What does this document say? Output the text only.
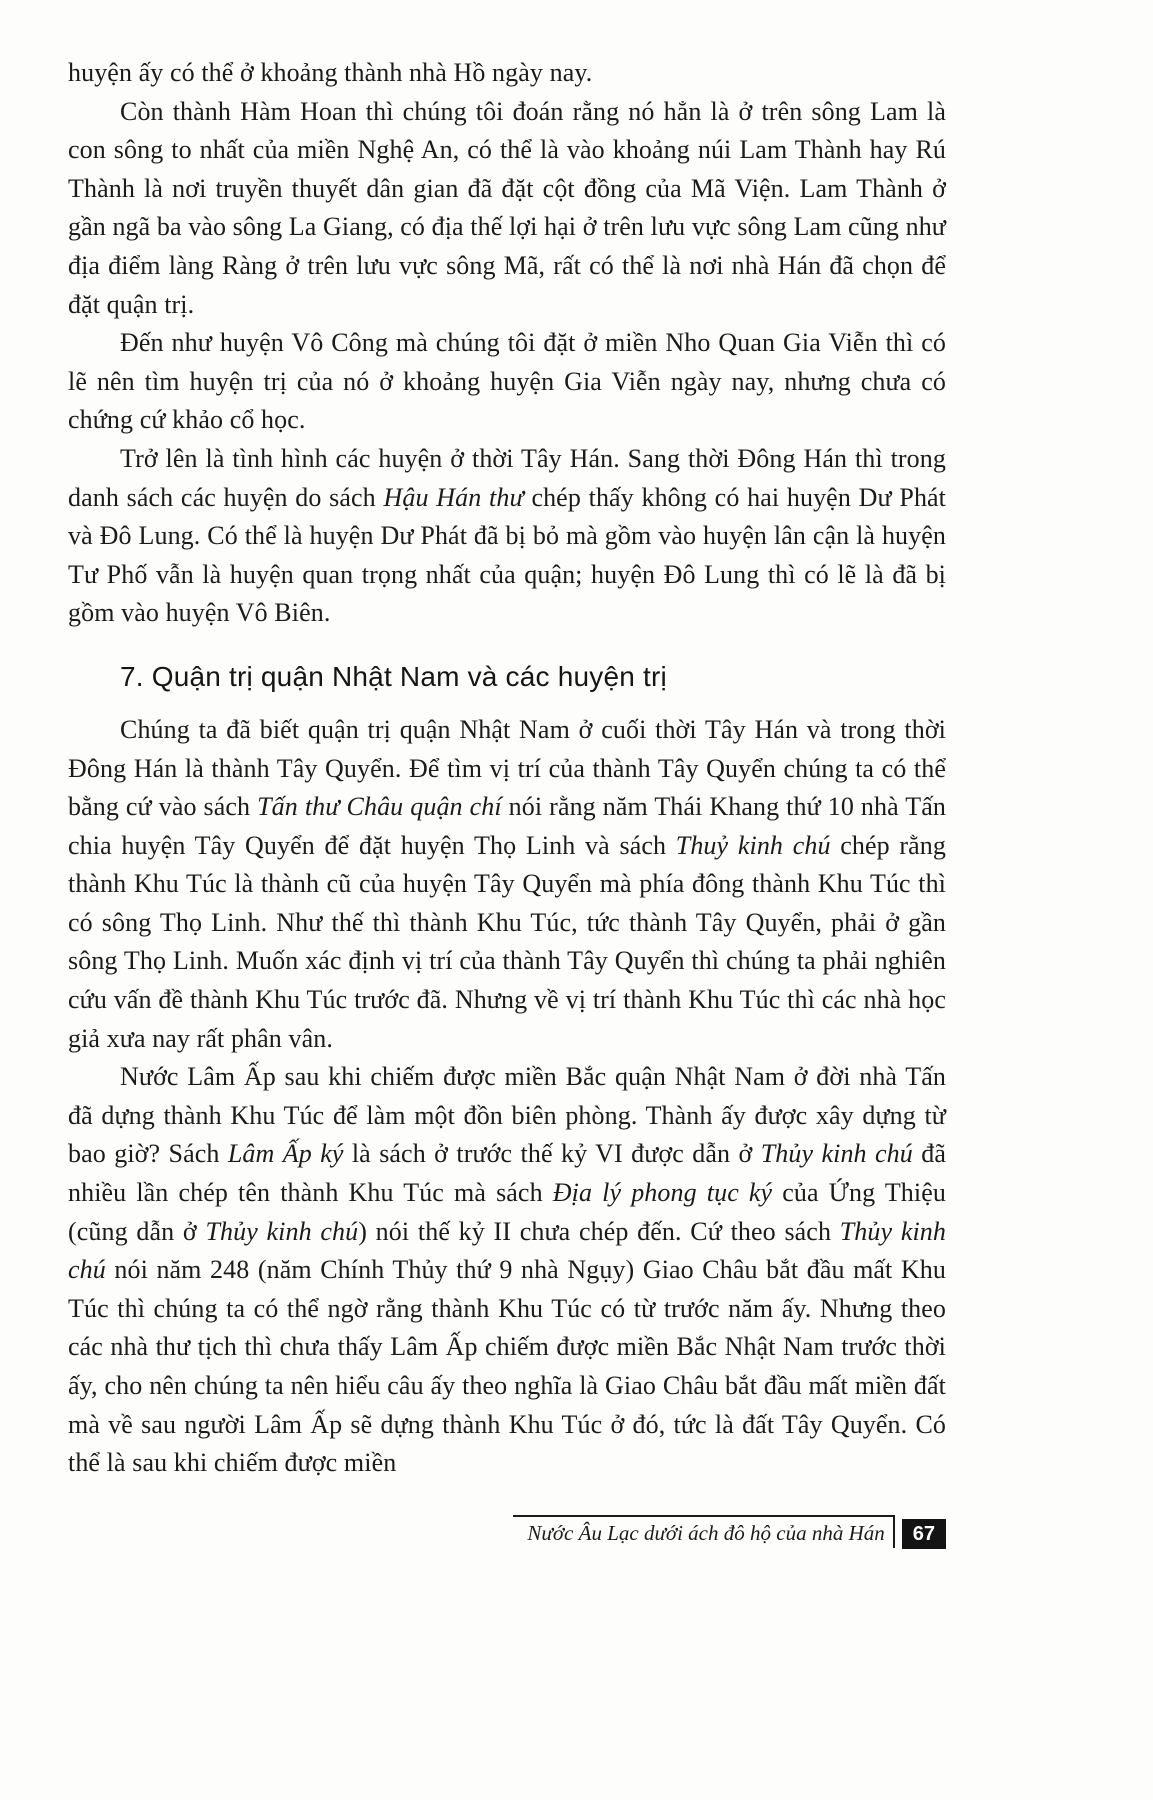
huyện ấy có thể ở khoảng thành nhà Hồ ngày nay.

Còn thành Hàm Hoan thì chúng tôi đoán rằng nó hẳn là ở trên sông Lam là con sông to nhất của miền Nghệ An, có thể là vào khoảng núi Lam Thành hay Rú Thành là nơi truyền thuyết dân gian đã đặt cột đồng của Mã Viện. Lam Thành ở gần ngã ba vào sông La Giang, có địa thế lợi hại ở trên lưu vực sông Lam cũng như địa điểm làng Ràng ở trên lưu vực sông Mã, rất có thể là nơi nhà Hán đã chọn để đặt quận trị.

Đến như huyện Vô Công mà chúng tôi đặt ở miền Nho Quan Gia Viễn thì có lẽ nên tìm huyện trị của nó ở khoảng huyện Gia Viễn ngày nay, nhưng chưa có chứng cứ khảo cổ học.

Trở lên là tình hình các huyện ở thời Tây Hán. Sang thời Đông Hán thì trong danh sách các huyện do sách Hậu Hán thư chép thấy không có hai huyện Dư Phát và Đô Lung. Có thể là huyện Dư Phát đã bị bỏ mà gồm vào huyện lân cận là huyện Tư Phố vẫn là huyện quan trọng nhất của quận; huyện Đô Lung thì có lẽ là đã bị gồm vào huyện Vô Biên.

7. Quận trị quận Nhật Nam và các huyện trị

Chúng ta đã biết quận trị quận Nhật Nam ở cuối thời Tây Hán và trong thời Đông Hán là thành Tây Quyển. Để tìm vị trí của thành Tây Quyển chúng ta có thể bằng cứ vào sách Tấn thư Châu quận chí nói rằng năm Thái Khang thứ 10 nhà Tấn chia huyện Tây Quyển để đặt huyện Thọ Linh và sách Thuỷ kinh chú chép rằng thành Khu Túc là thành cũ của huyện Tây Quyển mà phía đông thành Khu Túc thì có sông Thọ Linh. Như thế thì thành Khu Túc, tức thành Tây Quyển, phải ở gần sông Thọ Linh. Muốn xác định vị trí của thành Tây Quyển thì chúng ta phải nghiên cứu vấn đề thành Khu Túc trước đã. Nhưng về vị trí thành Khu Túc thì các nhà học giả xưa nay rất phân vân.

Nước Lâm Ấp sau khi chiếm được miền Bắc quận Nhật Nam ở đời nhà Tấn đã dựng thành Khu Túc để làm một đồn biên phòng. Thành ấy được xây dựng từ bao giờ? Sách Lâm Ấp ký là sách ở trước thế kỷ VI được dẫn ở Thủy kinh chú đã nhiều lần chép tên thành Khu Túc mà sách Địa lý phong tục ký của Ứng Thiệu (cũng dẫn ở Thủy kinh chú) nói thế kỷ II chưa chép đến. Cứ theo sách Thủy kinh chú nói năm 248 (năm Chính Thủy thứ 9 nhà Ngụy) Giao Châu bắt đầu mất Khu Túc thì chúng ta có thể ngờ rằng thành Khu Túc có từ trước năm ấy. Nhưng theo các nhà thư tịch thì chưa thấy Lâm Ấp chiếm được miền Bắc Nhật Nam trước thời ấy, cho nên chúng ta nên hiểu câu ấy theo nghĩa là Giao Châu bắt đầu mất miền đất mà về sau người Lâm Ấp sẽ dựng thành Khu Túc ở đó, tức là đất Tây Quyển. Có thể là sau khi chiếm được miền

Nước Âu Lạc dưới ách đô hộ của nhà Hán	67
